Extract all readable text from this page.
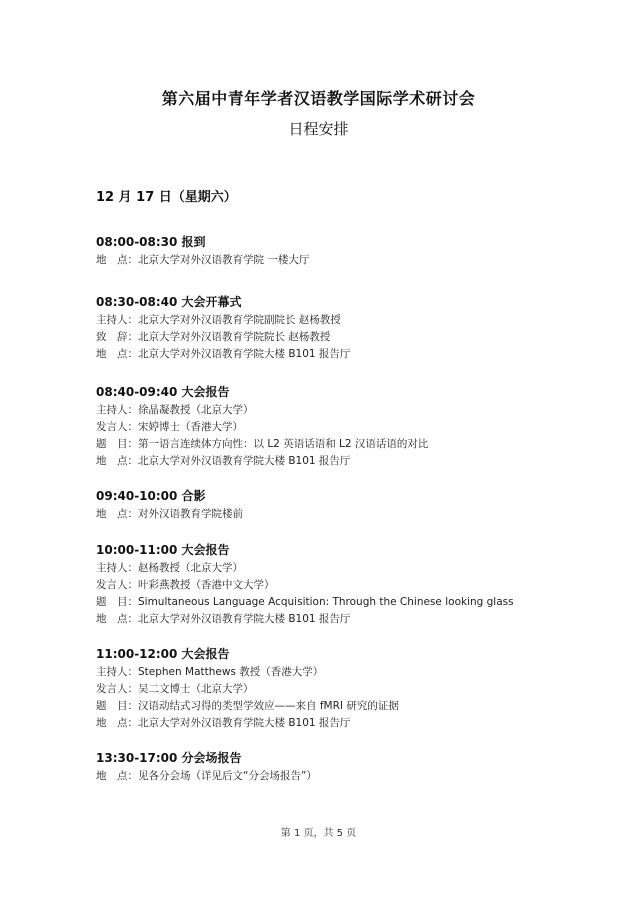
第六届中青年学者汉语教学国际学术研讨会
日程安排
12 月 17 日（星期六）
08:00-08:30 报到
地　点：北京大学对外汉语教育学院 一楼大厅
08:30-08:40 大会开幕式
主持人：北京大学对外汉语教育学院副院长 赵杨教授
致　辞：北京大学对外汉语教育学院院长 赵杨教授
地　点：北京大学对外汉语教育学院大楼 B101 报告厅
08:40-09:40 大会报告
主持人：徐晶凝教授（北京大学）
发言人：宋婷博士（香港大学）
题　目：第一语言连续体方向性：以 L2 英语话语和 L2 汉语话语的对比
地　点：北京大学对外汉语教育学院大楼 B101 报告厅
09:40-10:00 合影
地　点：对外汉语教育学院楼前
10:00-11:00 大会报告
主持人：赵杨教授（北京大学）
发言人：叶彩燕教授（香港中文大学）
题　目：Simultaneous Language Acquisition: Through the Chinese looking glass
地　点：北京大学对外汉语教育学院大楼 B101 报告厅
11:00-12:00 大会报告
主持人：Stephen Matthews 教授（香港大学）
发言人：吴二文博士（北京大学）
题　目：汉语动结式习得的类型学效应——来自 fMRI 研究的证据
地　点：北京大学对外汉语教育学院大楼 B101 报告厅
13:30-17:00 分会场报告
地　点：见各分会场（详见后文“分会场报告”）
第 1 页，共 5 页
